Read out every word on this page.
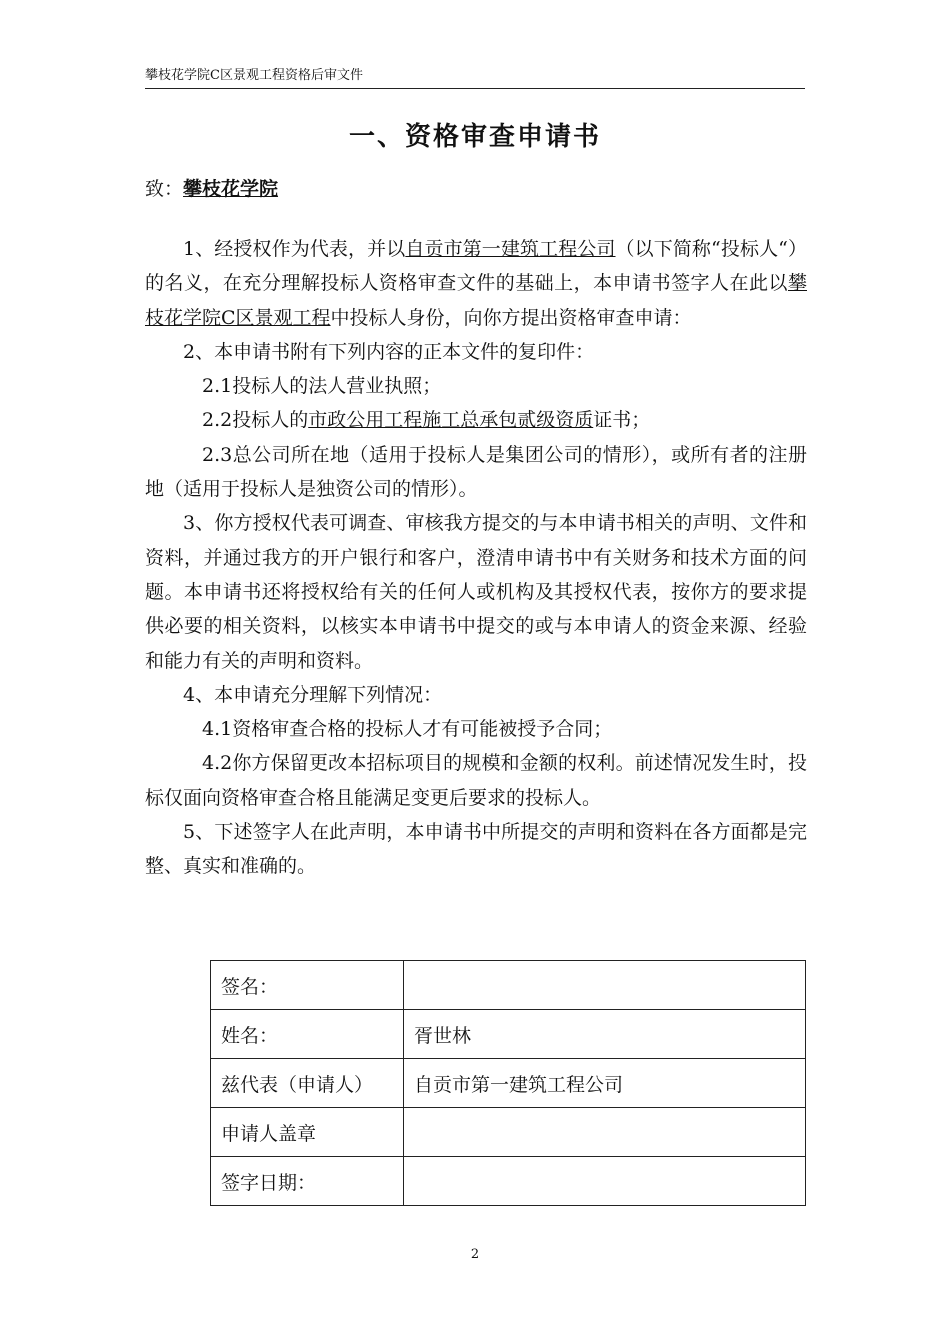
攀枝花学院C区景观工程资格后审文件
一、资格审查申请书
致：攀枝花学院

1、经授权作为代表，并以自贡市第一建筑工程公司（以下简称“投标人“）的名义，在充分理解投标人资格审查文件的基础上，本申请书签字人在此以攀枝花学院C区景观工程中投标人身份，向你方提出资格审查申请：

2、本申请书附有下列内容的正本文件的复印件：

2.1投标人的法人营业执照；

2.2投标人的市政公用工程施工总承包贰级资质证书；

2.3总公司所在地（适用于投标人是集团公司的情形），或所有者的注册地（适用于投标人是独资公司的情形）。

3、你方授权代表可调查、审核我方提交的与本申请书相关的声明、文件和资料，并通过我方的开户银行和客户，澄清申请书中有关财务和技术方面的问题。本申请书还将授权给有关的任何人或机构及其授权代表，按你方的要求提供必要的相关资料，以核实本申请书中提交的或与本申请人的资金来源、经验和能力有关的声明和资料。

4、本申请充分理解下列情况：

4.1资格审查合格的投标人才有可能被授予合同；

4.2你方保留更改本招标项目的规模和金额的权利。前述情况发生时，投标仅面向资格审查合格且能满足变更后要求的投标人。

5、下述签字人在此声明，本申请书中所提交的声明和资料在各方面都是完整、真实和准确的。

签名：	
姓名：	胥世林
兹代表（申请人）	自贡市第一建筑工程公司
申请人盖章	
签字日期：	
2
